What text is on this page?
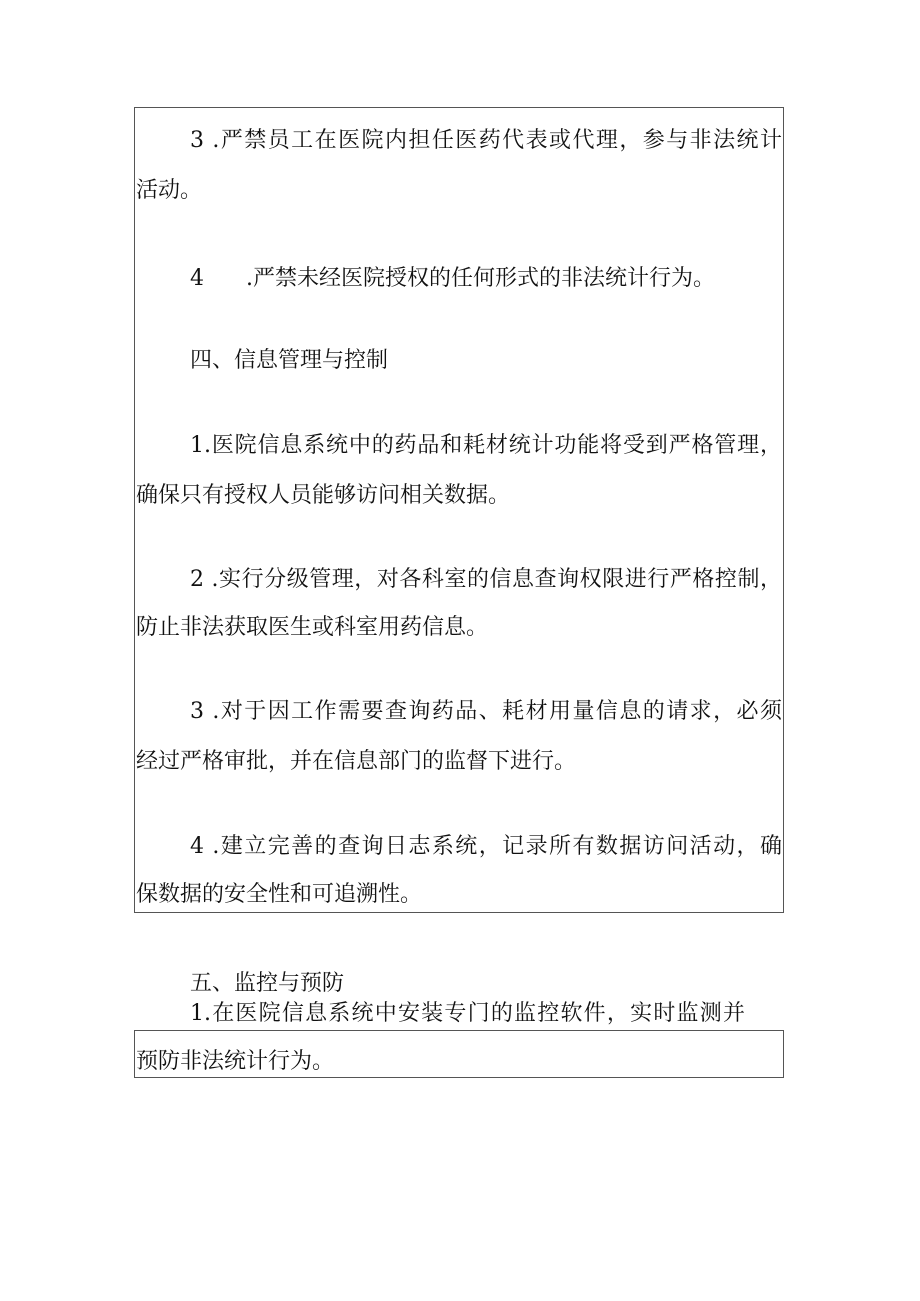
3 .严禁员工在医院内担任医药代表或代理，参与非法统计

活动。

4      .严禁未经医院授权的任何形式的非法统计行为。

四、信息管理与控制

1.医院信息系统中的药品和耗材统计功能将受到严格管理，

确保只有授权人员能够访问相关数据。

2 .实行分级管理，对各科室的信息查询权限进行严格控制，

防止非法获取医生或科室用药信息。

3 .对于因工作需要查询药品、耗材用量信息的请求，必须

经过严格审批，并在信息部门的监督下进行。

4 .建立完善的查询日志系统，记录所有数据访问活动，确

保数据的安全性和可追溯性。

五、监控与预防

1.在医院信息系统中安装专门的监控软件，实时监测并

预防非法统计行为。
